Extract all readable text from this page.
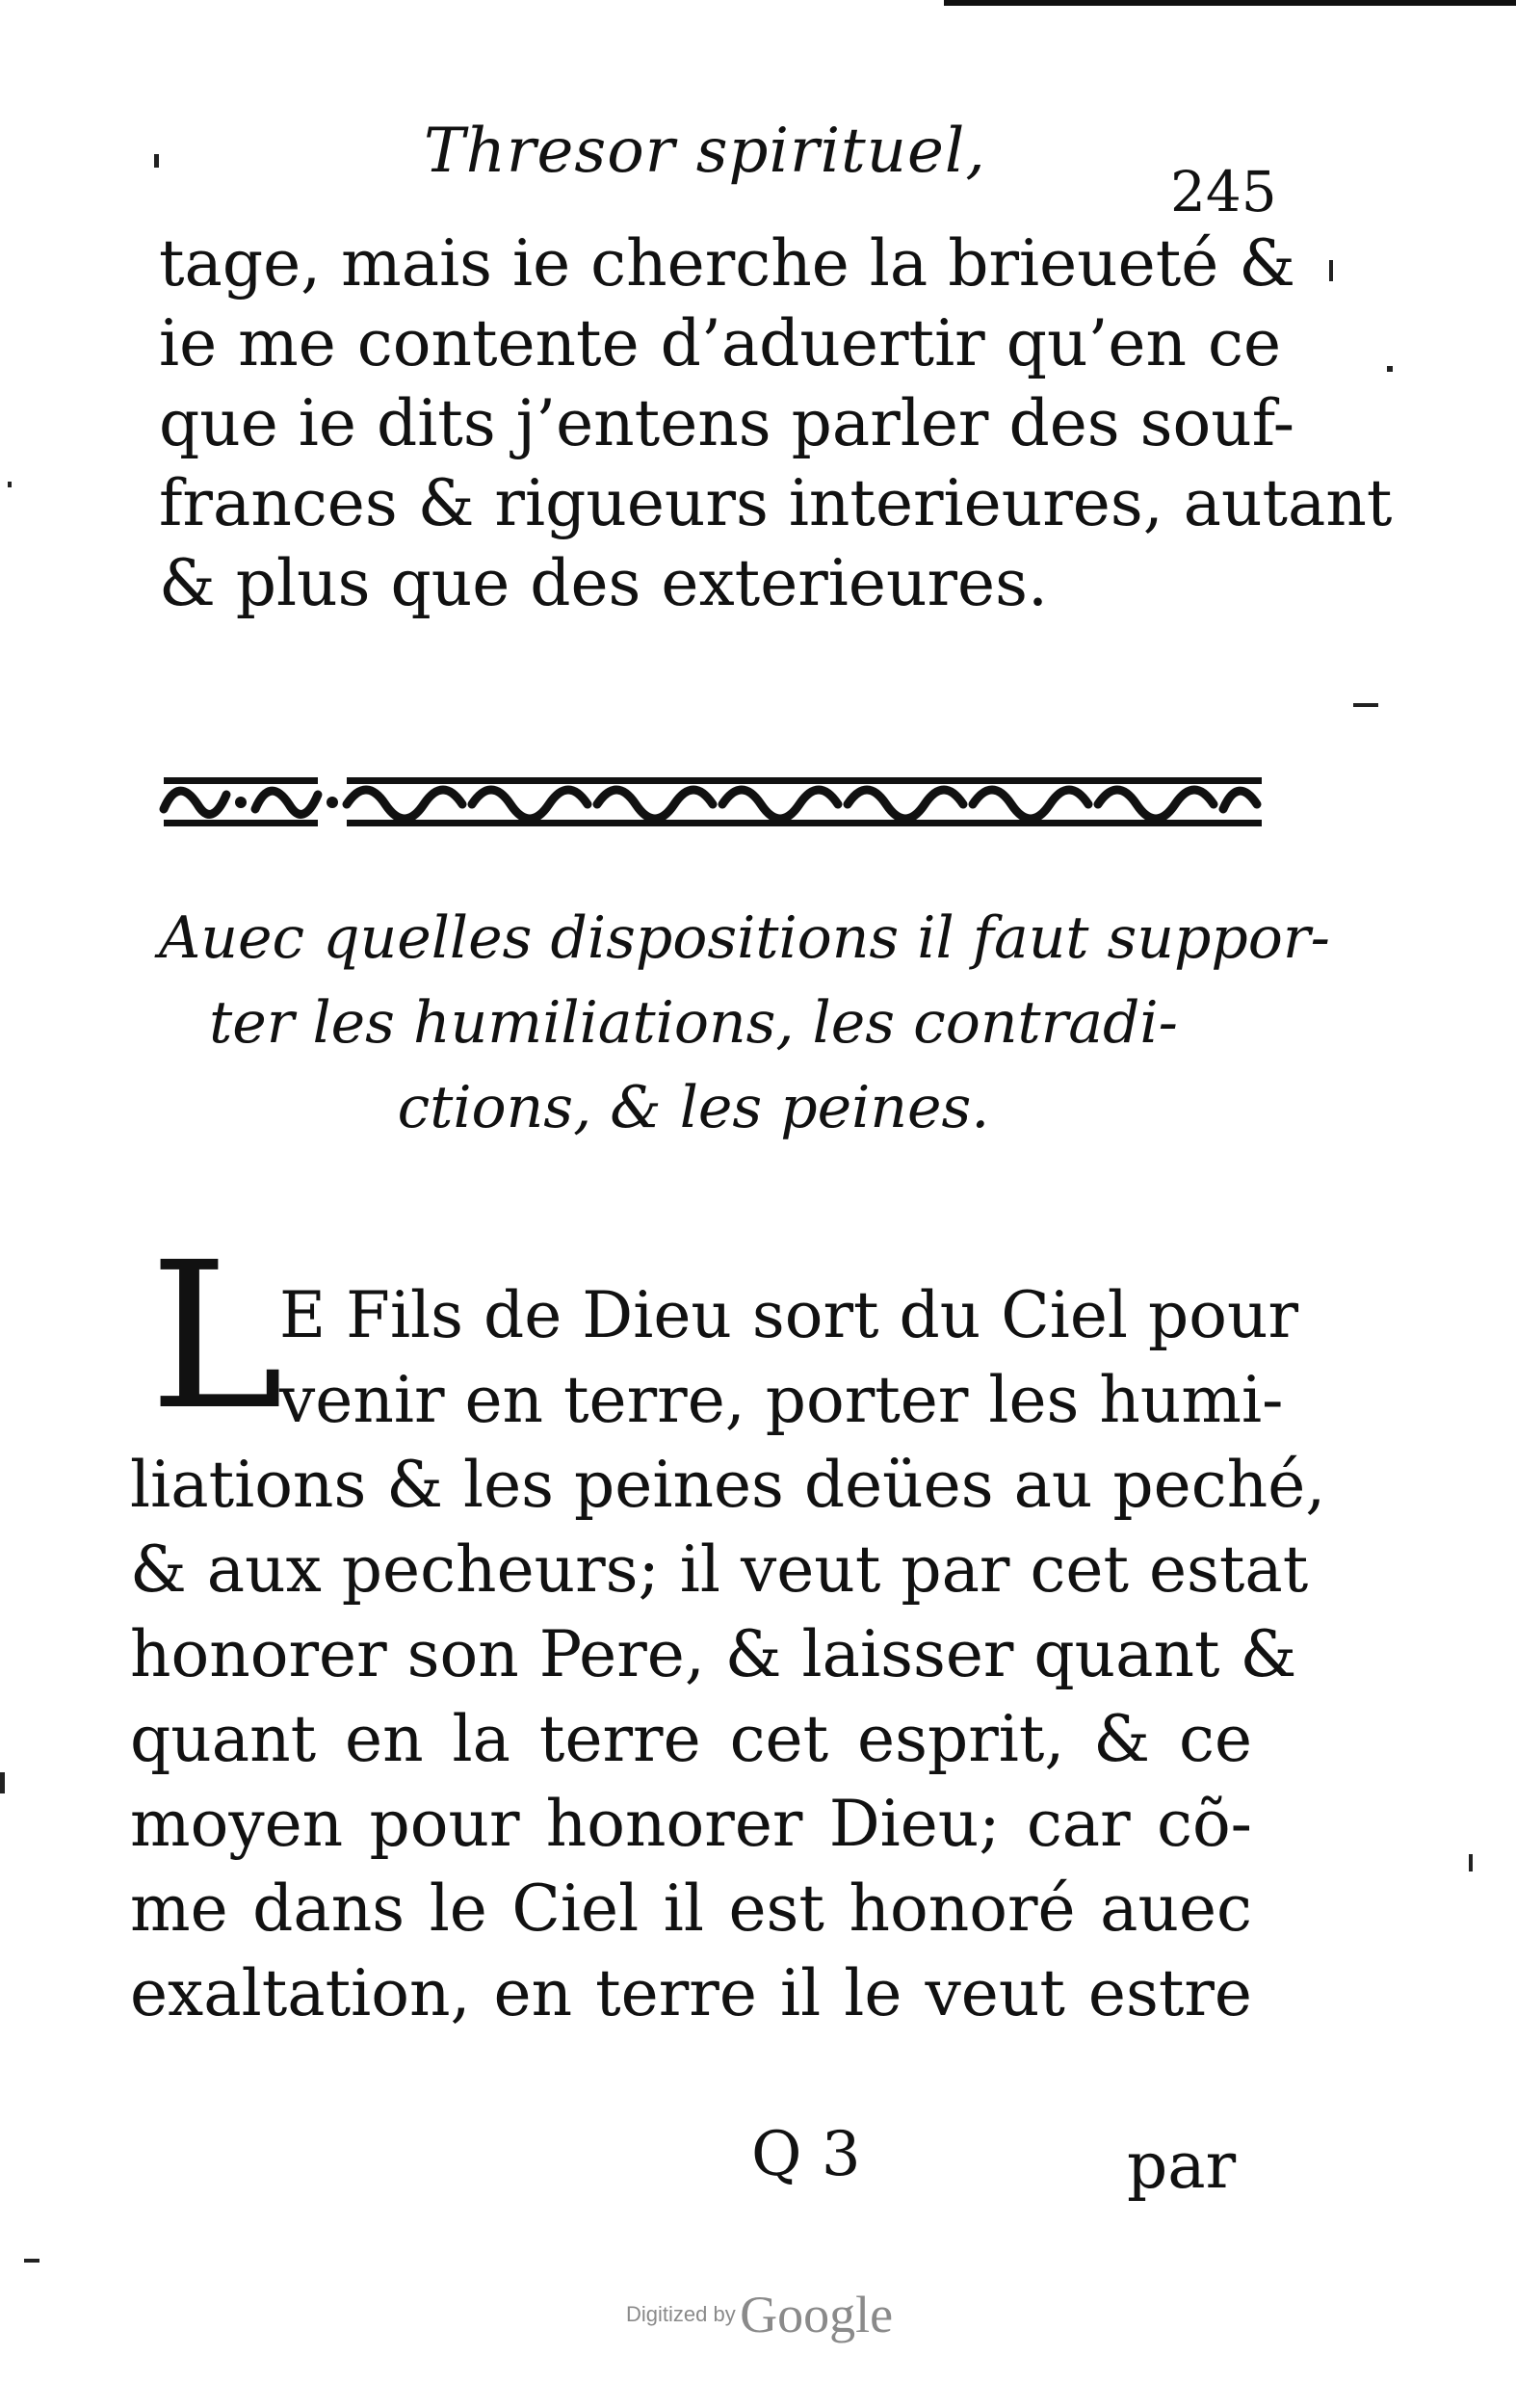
Thresor spirituel,
245
tage, mais ie cherche la brieueté &
ie me contente d’aduertir qu’en ce
que ie dits j’entens parler des souf-
frances & rigueurs interieures, autant
& plus que des exterieures.
Auec quelles dispositions il faut suppor-
ter les humiliations, les contradi-
ctions, & les peines.
L
E Fils de Dieu sort du Ciel pour
venir en terre, porter les humi-
liations & les peines deües au peché,
& aux pecheurs; il veut par cet estat
honorer son Pere, & laisser quant &
quant en la terre cet esprit, & ce
moyen pour honorer Dieu; car cõ-
me dans le Ciel il est honoré auec
exaltation, en terre il le veut estre
Q 3	par
Digitized by Google
